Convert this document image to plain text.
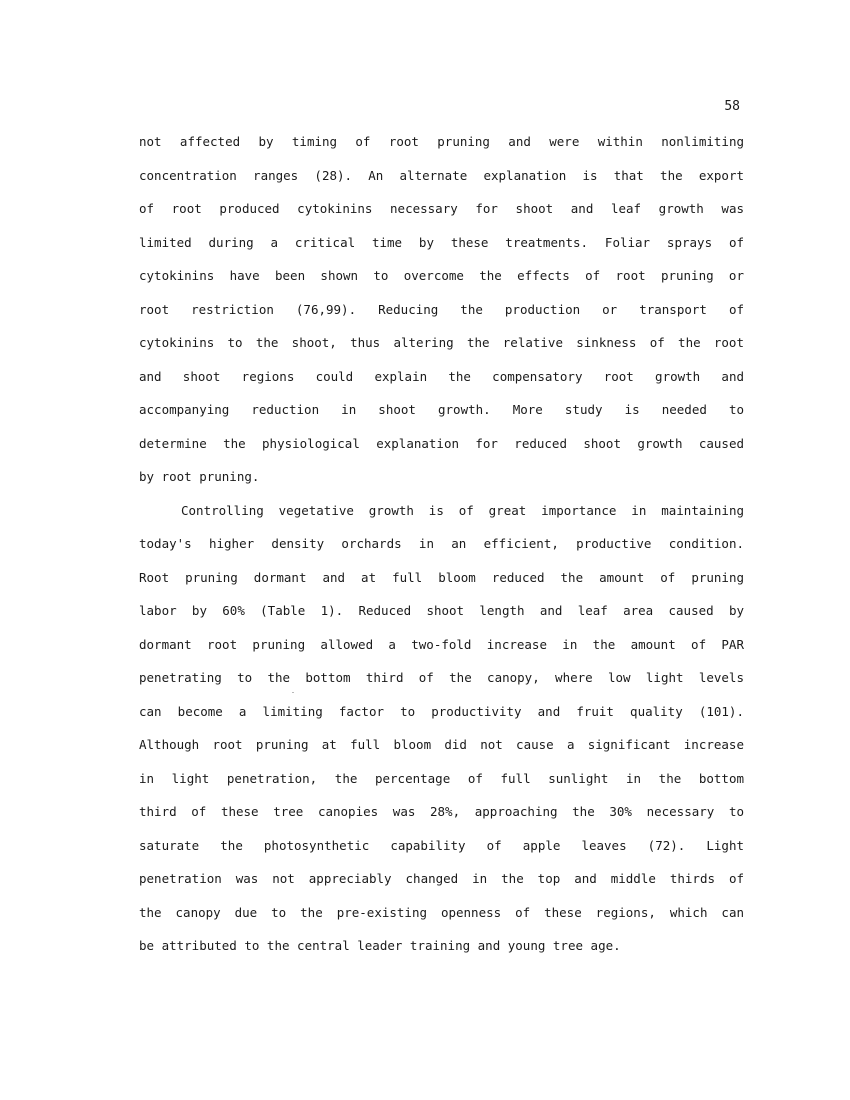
58
not affected by timing of root pruning and were within nonlimiting
concentration ranges (28). An alternate explanation is that the export
of root produced cytokinins necessary for shoot and leaf growth was
limited during a critical time by these treatments. Foliar sprays of
cytokinins have been shown to overcome the effects of root pruning or
root restriction (76,99). Reducing the production or transport of
cytokinins to the shoot, thus altering the relative sinkness of the root
and shoot regions could explain the compensatory root growth and
accompanying reduction in shoot growth. More study is needed to
determine the physiological explanation for reduced shoot growth caused
by root pruning.
Controlling vegetative growth is of great importance in maintaining
today's higher density orchards in an efficient, productive condition.
Root pruning dormant and at full bloom reduced the amount of pruning
labor by 60% (Table 1). Reduced shoot length and leaf area caused by
dormant root pruning allowed a two-fold increase in the amount of PAR
penetrating to the bottom third of the canopy, where low light levels
can become a limiting factor to productivity and fruit quality (101).
Although root pruning at full bloom did not cause a significant increase
in light penetration, the percentage of full sunlight in the bottom
third of these tree canopies was 28%, approaching the 30% necessary to
saturate the photosynthetic capability of apple leaves (72). Light
penetration was not appreciably changed in the top and middle thirds of
the canopy due to the pre-existing openness of these regions, which can
be attributed to the central leader training and young tree age.
